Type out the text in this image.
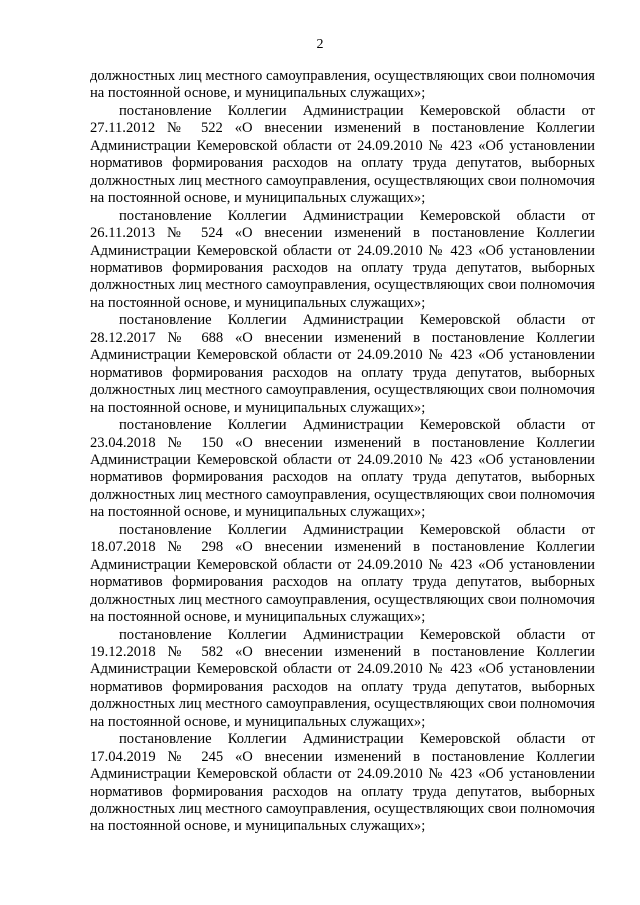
2

должностных лиц местного самоуправления, осуществляющих свои полномочия на постоянной основе, и муниципальных служащих»;

постановление Коллегии Администрации Кемеровской области от 27.11.2012 № 522 «О внесении изменений в постановление Коллегии Администрации Кемеровской области от 24.09.2010 № 423 «Об установлении нормативов формирования расходов на оплату труда депутатов, выборных должностных лиц местного самоуправления, осуществляющих свои полномочия на постоянной основе, и муниципальных служащих»;

постановление Коллегии Администрации Кемеровской области от 26.11.2013 № 524 «О внесении изменений в постановление Коллегии Администрации Кемеровской области от 24.09.2010 № 423 «Об установлении нормативов формирования расходов на оплату труда депутатов, выборных должностных лиц местного самоуправления, осуществляющих свои полномочия на постоянной основе, и муниципальных служащих»;

постановление Коллегии Администрации Кемеровской области от 28.12.2017 № 688 «О внесении изменений в постановление Коллегии Администрации Кемеровской области от 24.09.2010 № 423 «Об установлении нормативов формирования расходов на оплату труда депутатов, выборных должностных лиц местного самоуправления, осуществляющих свои полномочия на постоянной основе, и муниципальных служащих»;

постановление Коллегии Администрации Кемеровской области от 23.04.2018 № 150 «О внесении изменений в постановление Коллегии Администрации Кемеровской области от 24.09.2010 № 423 «Об установлении нормативов формирования расходов на оплату труда депутатов, выборных должностных лиц местного самоуправления, осуществляющих свои полномочия на постоянной основе, и муниципальных служащих»;

постановление Коллегии Администрации Кемеровской области от 18.07.2018 № 298 «О внесении изменений в постановление Коллегии Администрации Кемеровской области от 24.09.2010 № 423 «Об установлении нормативов формирования расходов на оплату труда депутатов, выборных должностных лиц местного самоуправления, осуществляющих свои полномочия на постоянной основе, и муниципальных служащих»;

постановление Коллегии Администрации Кемеровской области от 19.12.2018 № 582 «О внесении изменений в постановление Коллегии Администрации Кемеровской области от 24.09.2010 № 423 «Об установлении нормативов формирования расходов на оплату труда депутатов, выборных должностных лиц местного самоуправления, осуществляющих свои полномочия на постоянной основе, и муниципальных служащих»;

постановление Коллегии Администрации Кемеровской области от 17.04.2019 № 245 «О внесении изменений в постановление Коллегии Администрации Кемеровской области от 24.09.2010 № 423 «Об установлении нормативов формирования расходов на оплату труда депутатов, выборных должностных лиц местного самоуправления, осуществляющих свои полномочия на постоянной основе, и муниципальных служащих»;
